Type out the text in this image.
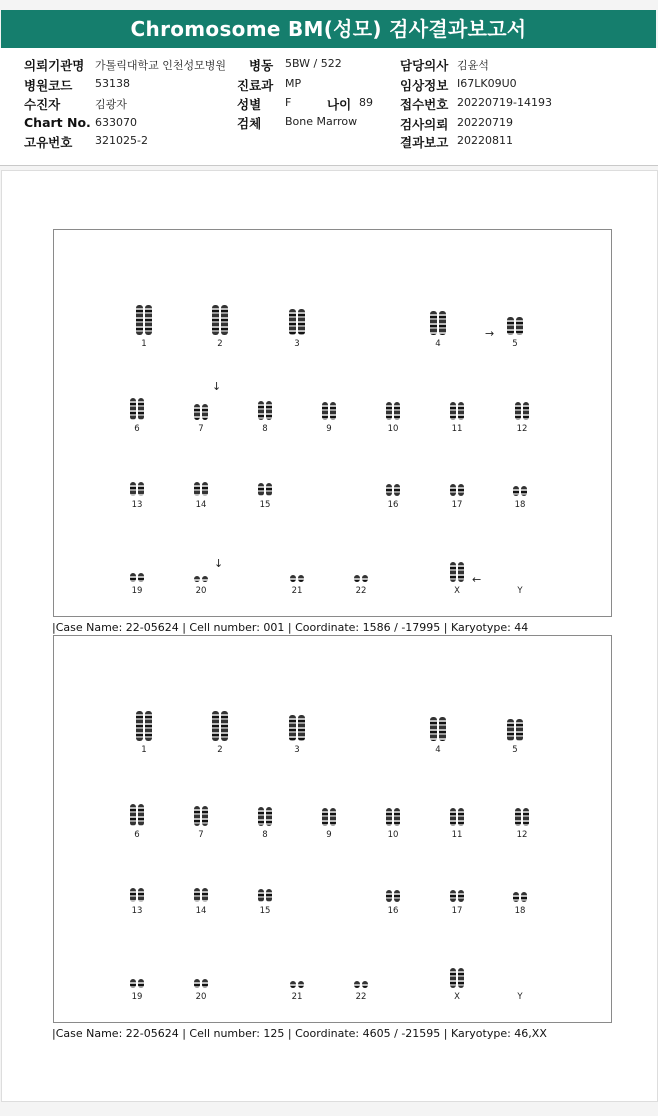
Chromosome BM(성모) 검사결과보고서
의뢰기관명 가톨릭대학교 인천성모병원
병원코드 53138
수진자	김광자
Chart No. 633070
고유번호 321025-2
병동 5BW / 522
진료과 MP
성별 F	나이 89
검체 Bone Marrow
담당의사 김윤석
임상정보 I67LK09U0
접수번호 20220719-14193
검사의뢰 20220719
결과보고 20220811
→
↓
↓
←
1	2	3	4	5
6	7	8	9	10	11	12
13	14	15	16	17	18
19	20	21	22	X	Y
|Case Name: 22-05624 | Cell number: 001 | Coordinate: 1586 / -17995 | Karyotype: 44
1	2	3	4	5
6	7	8	9	10	11	12
13	14	15	16	17	18
19	20	21	22	X	Y
|Case Name: 22-05624 | Cell number: 125 | Coordinate: 4605 / -21595 | Karyotype: 46,XX
